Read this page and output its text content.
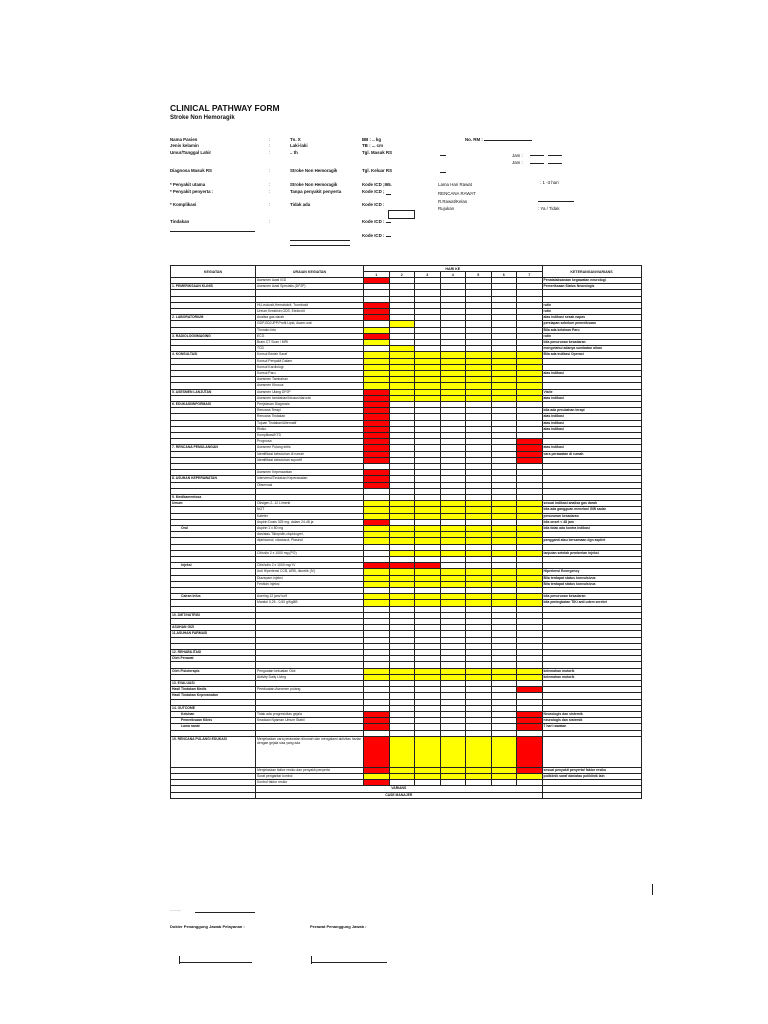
CLINICAL PATHWAY FORM
Stroke Non Hemoragik
Nama Pasien	:	Tn. X
Jenis kelamin	:	Laki-laki
Umur/Tanggal Lahir	:	.. th
Diagnosa Masuk RS	:	Stroke Non Hemoragik
* Penyakit utama	:	Stroke Non Hemoragik
* Penyakit penyerta :	:	Tanpa penyakit penyerta
* Komplikasi	:	Tidak ada
Tindakan	:
BB : .. kg
TB : ... cm
Tgl. Masuk RS
Tgl. Keluar RS
Kode ICD ;I65.
Kode ICD ;
Kode ICD :
Kode ICD :
Kode ICD :
No. RM :
Jam :
Jam :
Lama Hari Rawat	: 1 -3 hari
RENCANA RAWAT
R.Rawat/Kelas
Rujukan	: Ya / Tidak
KEGIATAN	URAIAN KEGIATAN	HARI KE							KETERANGAN/VARIANS
		1	2	3	4	5	6	7	
	Asesmen Awal IGD								Penatalaksanaan kegawatan neurologi
1. PEMERIKSAAN KLINIS	Asesmen Awal Spesialis (DPJP)								Pemeriksaan Status Neurologis

	Ht,Leukosit,Hematokrit, Trombosit								rutin
	Ureum,Kreatinin,GDS, Elektrolit								rutin
2. LABORATORIUM	Analisa gas darah								atas indikasi sesak napas
	GDP,GD2JPP,Profil Lipid, Asam urat								persiapan sebelum pemeriksaan
	Thorako foto								Bila ada kelainan Paru
3. RADIOLOGI/IMAGING	ECG								rutin
	Brain CT Scan / MRI								bila penurunan kesadaran
	TCD								mengetahui adanya sumbatan aliran
4. KONSULTASI	Konsul Bedah Saraf								Bila ada indikasi Operasi
	Konsul Penyakit Dalam								
	Konsul Kardiologi								
	Konsul Paru								atas indikasi
	Asesmen Tambahan								
	Asesmen Khusus								
5. ASESMEN LANJUTAN	Asesmen Ulang DPJP								Visite
	Asesmen tambahan/khusus/darurat								atas indikasi
6. EDUKASI/INFORMASI	Penjelasan Diagnosis								
	Rencana Terapi								bila ada perubahan terapi
	Rencana Tindakan								atas indikasi
	Tujuan Tindakan/Alternatif								atas indikasi
	Risiko								atas indikasi
	Komplikasi/KTD								
	Prognosa								
7. RENCANA PEMULANGAN	Asesmen Pulang kritis								atas indikasi
	Identifikasi kebutuhan di rumah								cara perawatan di rumah
	Identifikasi kebutuhan suportif								

	Asesmen Keperawatan								
8. ASUHAN KEPERAWATAN	Intervensi/Tindakan Keperawatan								
	Observasi								

9. Medikamentosa									
Umum	Oksigen 2- 12 L/menit								sesuai indikasi analisa gas darah
	NGT								bila ada gangguan menelan/ GIB sadar
	Kateter								penurunan kesadaran
	Aspirin Dosis 325 mg, dalam 24-48 ja								bila onset < 48 jam
Oral	Aspirin 1 x 80 mg								bila tidak ada kontra indikasi
	dan/atau Tiklopidin,clopidogrel,								
	dipiridamol, cilostazol, Plasinol								pengganti atau bersamaan dgn aspilet

	Citicolin 2 x 1000 mg (PO)								lanjutan setelah pemberian injeksi

Injeksi	Citicholin 2 x 1000 mg/ IV								
	Anti Hipertensi CCB, ARB, diuretik (IV)								Hipertensi Emergency
	Diazepam injeksi								Bila terdapat status konvulsivus
	Fenitoin injeksi								Bila terdapat status konvulsivus

Cairan Infus	Asering 12 jam/ kolf								bila penurunan kesadaran
	Manitol 0,25 - 0,50 g/KgBB								bila peningkatan TIK/ anti udem serebri

10. DIET/NUTRISI									

ASUHAN GIZI									
11.ASUHAN FARMASI									

12. REHABILITASI									
Oleh Perawat									

Oleh Fisioterapis	Penguatan kekuatan Otot								kelemahan motorik
	Aktivity Daily Living								kelemahan motorik
13. EVALUASI									
Hasil Tindakan Medis	Pembuatan Asesmen pulang								
Hasil Tindakan Keperawatan									

14. OUTCOME									
Keluhan	Tidak ada progresivitas gejala								Neurologis dan sistemik
Pemeriksaan Klinis	Keadaan Nyaman Umum Stabil								neurologis dan sistemik
Lama rawat									7 hari rawatan

15. RENCANA PULANG/ EDUKASI	Menjelaskan cara perawatan dirumah dan mengalami aktivitas harian dengan gejala sisa yang ada								
	Menjelaskan faktor resiko dan penyakit penyerta								sesuai penyakit penyerta/ faktor resiko
	Surat pengantar kontrol								poliklinik saraf dan/atau poliklinik lain
	Kontrol faktor resiko								
	VARIANS								
	CASE MANAJER								
..........
Dokter Penanggung Jawab Pelayanan :	Perawat Penanggung Jawab :
